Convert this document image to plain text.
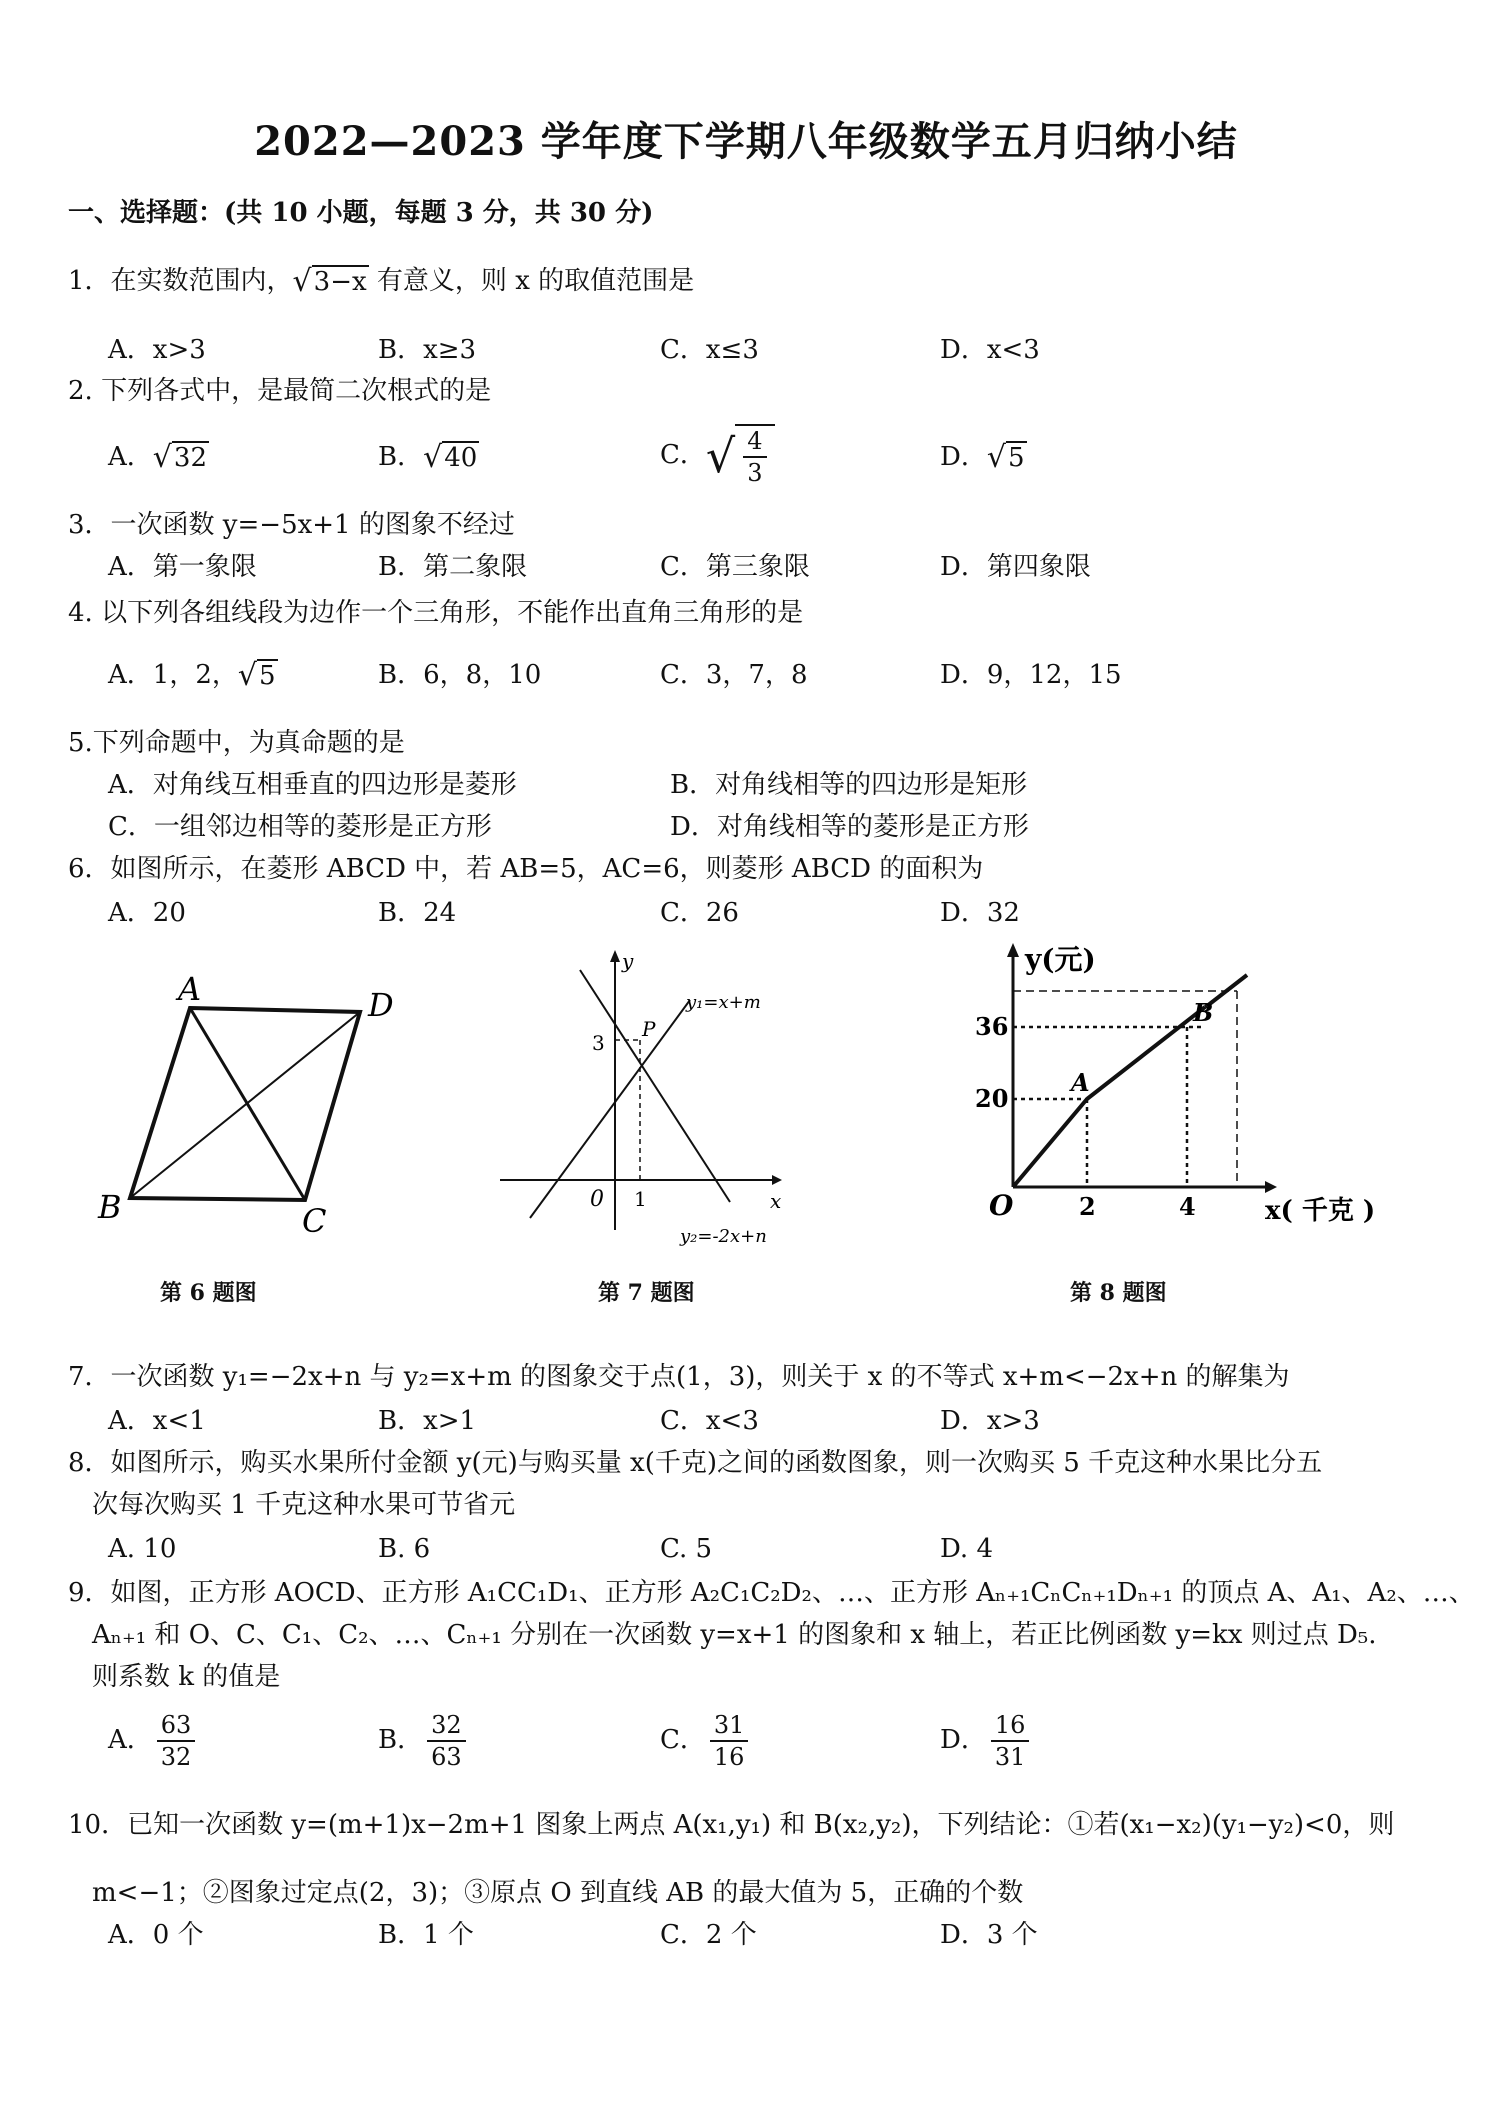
2022—2023 学年度下学期八年级数学五月归纳小结
一、选择题：(共 10 小题，每题 3 分，共 30 分)
1．在实数范围内， √ 3−x 有意义，则 x 的取值范围是
A．x>3	B．x≥3	C．x≤3	D．x<3
2. 下列各式中，是最简二次根式的是
A． √ 32	B． √ 40	C． √ $\frac{4}{3}$	D． √ 5
3．一次函数 y=−5x+1 的图象不经过
A．第一象限	B．第二象限	C．第三象限	D．第四象限
4. 以下列各组线段为边作一个三角形，不能作出直角三角形的是
A．1，2， √ 5	B．6，8，10	C．3，7，8	D．9，12，15
5.下列命题中，为真命题的是
A．对角线互相垂直的四边形是菱形	B．对角线相等的四边形是矩形
C．一组邻边相等的菱形是正方形	D．对角线相等的菱形是正方形
6．如图所示，在菱形 ABCD 中，若 AB=5，AC=6，则菱形 ABCD 的面积为
A．20	B．24	C．26	D．32
A	D
B	C
第 6 题图
y
x
0 1
3
P
y₁=x+m
y₂=-2x+n
第 7 题图
y(元)
x( 千克 )
O	2	4
20
36
A
B
第 8 题图
7．一次函数 y₁=−2x+n 与 y₂=x+m 的图象交于点(1，3)，则关于 x 的不等式 x+m<−2x+n 的解集为
A．x<1	B．x>1	C．x<3	D．x>3
8．如图所示，购买水果所付金额 y(元)与购买量 x(千克)之间的函数图象，则一次购买 5 千克这种水果比分五
次每次购买 1 千克这种水果可节省元
A. 10	B. 6	C. 5	D. 4
9．如图，正方形 AOCD、正方形 A₁CC₁D₁、正方形 A₂C₁C₂D₂、…、正方形 Aₙ₊₁CₙCₙ₊₁Dₙ₊₁ 的顶点 A、A₁、A₂、…、
Aₙ₊₁ 和 O、C、C₁、C₂、…、Cₙ₊₁ 分别在一次函数 y=x+1 的图象和 x 轴上，若正比例函数 y=kx 则过点 D₅.
则系数 k 的值是
A． $\frac{63}{32}$	B． $\frac{32}{63}$	C． $\frac{31}{16}$	D． $\frac{16}{31}$
10．已知一次函数 y=(m+1)x−2m+1 图象上两点 A(x₁,y₁) 和 B(x₂,y₂)，下列结论：①若(x₁−x₂)(y₁−y₂)<0，则
m<−1；②图象过定点(2，3)；③原点 O 到直线 AB 的最大值为 5，正确的个数
A．0 个	B．1 个	C．2 个	D．3 个
